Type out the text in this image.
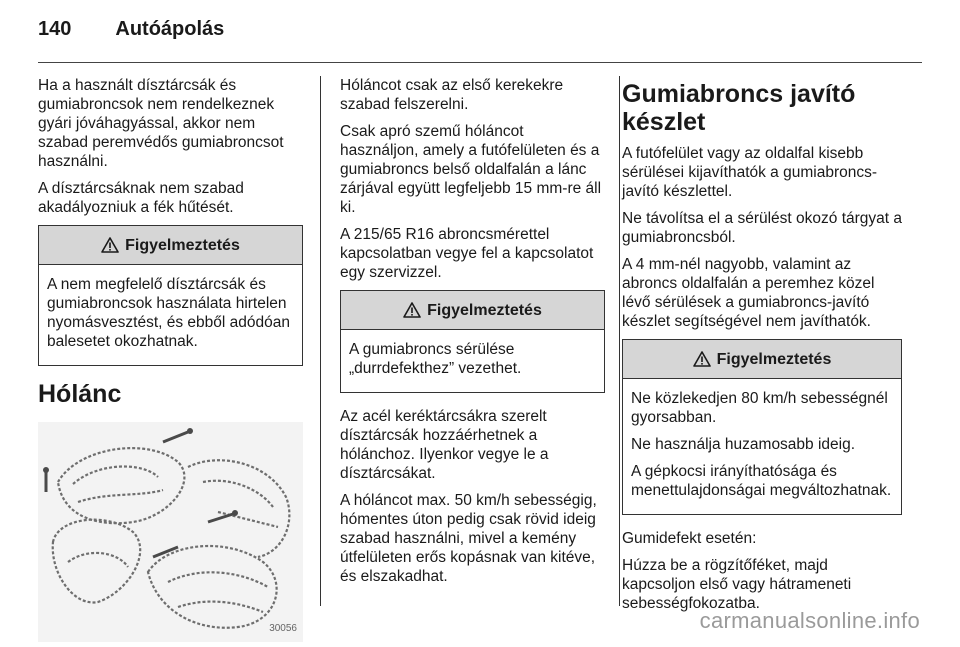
140 Autóápolás
Ha a használt dísztárcsák és gumiabroncsok nem rendelkeznek gyári jóváhagyással, akkor nem szabad peremvédős gumiabroncsot használni.
A dísztárcsáknak nem szabad akadályozniuk a fék hűtését.
Figyelmeztetés
A nem megfelelő dísztárcsák és gumiabroncsok használata hirtelen nyomásvesztést, és ebből adódóan balesetet okozhatnak.
Hólánc
30056
Hóláncot csak az első kerekekre szabad felszerelni.
Csak apró szemű hóláncot használjon, amely a futófelületen és a gumiabroncs belső oldalfalán a lánc zárjával együtt legfeljebb 15 mm-re áll ki.
A 215/65 R16 abroncsmérettel kapcsolatban vegye fel a kapcsolatot egy szervizzel.
Figyelmeztetés
A gumiabroncs sérülése „durrdefekthez” vezethet.
Az acél keréktárcsákra szerelt dísztárcsák hozzáérhetnek a hólánchoz. Ilyenkor vegye le a dísztárcsákat.
A hóláncot max. 50 km/h sebességig, hómentes úton pedig csak rövid ideig szabad használni, mivel a kemény útfelületen erős kopásnak van kitéve, és elszakadhat.
Gumiabroncs javító készlet
A futófelület vagy az oldalfal kisebb sérülései kijavíthatók a gumiabroncs-javító készlettel.
Ne távolítsa el a sérülést okozó tárgyat a gumiabroncsból.
A 4 mm-nél nagyobb, valamint az abroncs oldalfalán a peremhez közel lévő sérülések a gumiabroncs-javító készlet segítségével nem javíthatók.
Figyelmeztetés
Ne közlekedjen 80 km/h sebességnél gyorsabban.
Ne használja huzamosabb ideig.
A gépkocsi irányíthatósága és menettulajdonságai megváltozhatnak.
Gumidefekt esetén:
Húzza be a rögzítőféket, majd kapcsoljon első vagy hátrameneti sebességfokozatba.
carmanualsonline.info
